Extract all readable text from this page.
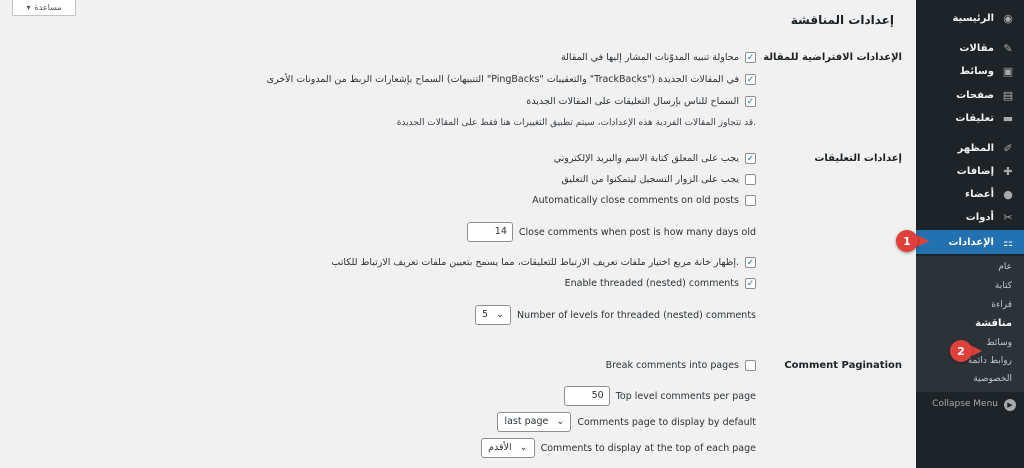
▾ مساعدة
إعدادات المناقشة
الإعدادات الافتراضية للمقالة
✓
محاولة تنبيه المدوّنات المشار إليها في المقالة
✓
السماح بإشعارات الربط من المدونات الأخرى (التنبيهات "PingBacks" والتعقيبات "TrackBacks") في المقالات الجديدة
✓
السماح للناس بإرسال التعليقات على المقالات الجديدة
قد تتجاوز المقالات الفردية هذه الإعدادات، سيتم تطبيق التغييرات هنا فقط على المقالات الجديدة.
إعدادات التعليقات
✓
يجب على المعلق كتابة الاسم والبريد الإلكتروني
يجب على الزوار التسجيل ليتمكنوا من التعليق
Automatically close comments on old posts
Close comments when post is how many days old
14
✓
إظهار خانة مربع اختيار ملفات تعريف الارتباط للتعليقات، مما يسمح بتعيين ملفات تعريف الارتباط للكاتب.
✓
Enable threaded (nested) comments
Number of levels for threaded (nested) comments
5 ⌄
Comment Pagination
Break comments into pages
Top level comments per page
50
Comments page to display by default
last page ⌄
Comments to display at the top of each page
الأقدم ⌄
◉
الرئيسية
✎
مقالات
▣
وسائط
▤
صفحات
▬
تعليقات
✐
المظهر
✚
إضافات
●
أعضاء
✂
أدوات
⚏
الإعدادات
عام
كتابة
قراءة
مناقشة
وسائط
روابط دائمة
الخصوصية
▶
Collapse Menu
1
2
